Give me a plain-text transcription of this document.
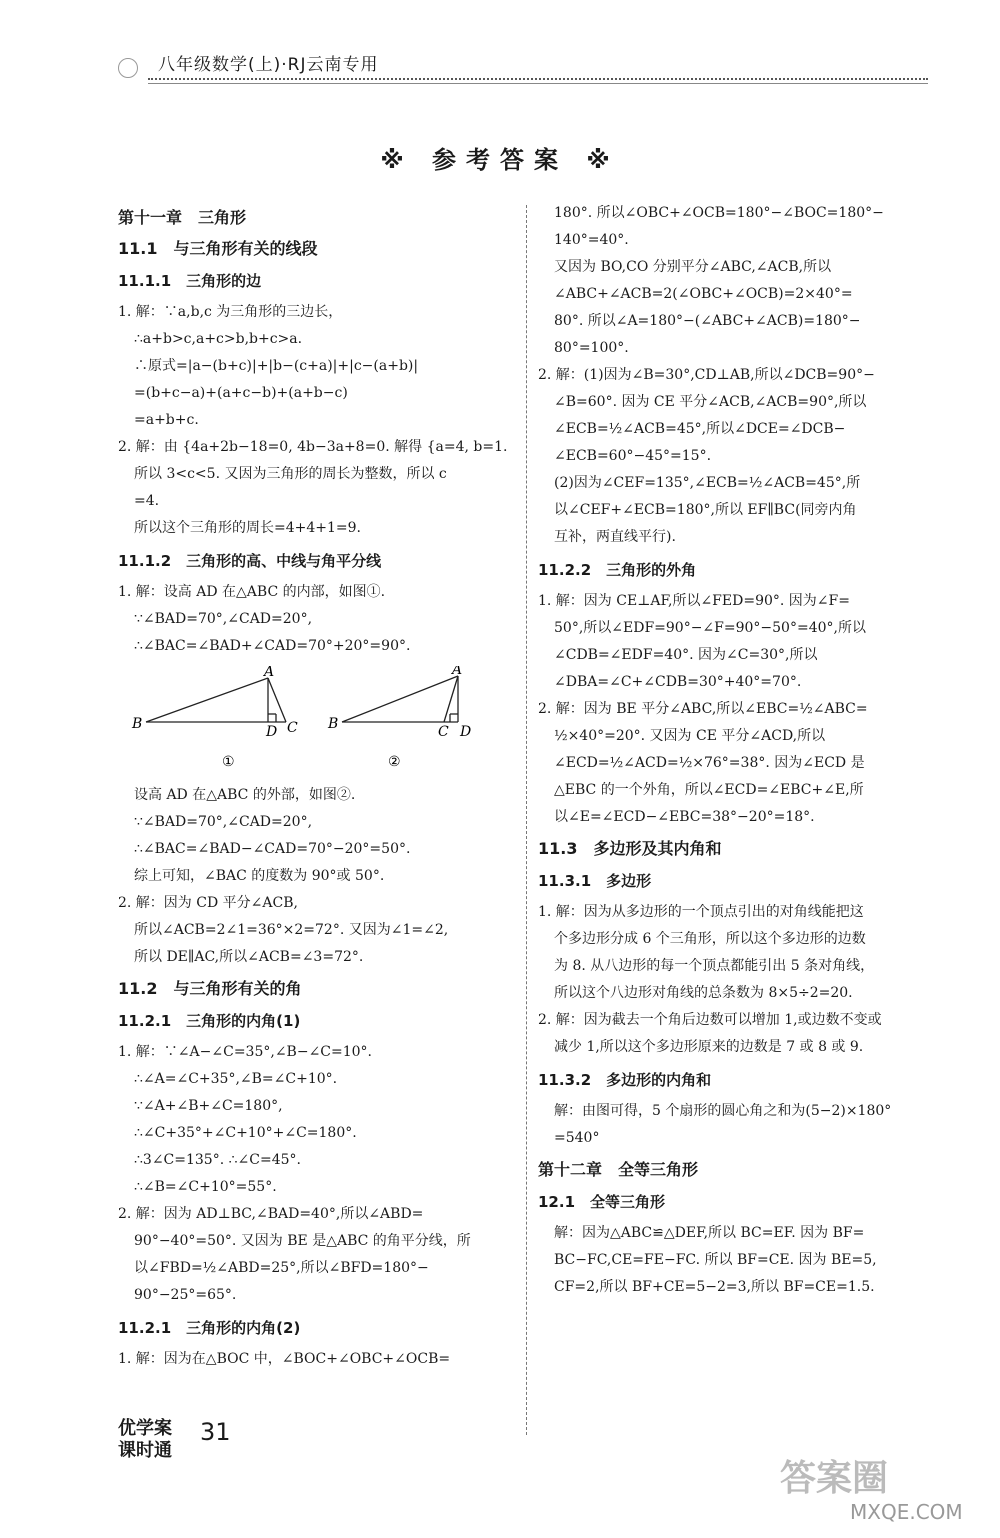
八年级数学(上)·RJ云南专用
※ 参考答案 ※

第十一章　三角形

11.1　与三角形有关的线段

11.1.1　三角形的边

1. 解：∵a,b,c 为三角形的三边长，

∴a+b>c,a+c>b,b+c>a.

∴原式=|a−(b+c)|+|b−(c+a)|+|c−(a+b)|

=(b+c−a)+(a+c−b)+(a+b−c)

=a+b+c.

2. 解：由 {4a+2b−18=0, 4b−3a+8=0. 解得 {a=4, b=1.

所以 3<c<5. 又因为三角形的周长为整数，所以 c

=4.

所以这个三角形的周长=4+4+1=9.

11.1.2　三角形的高、中线与角平分线

1. 解：设高 AD 在△ABC 的内部，如图①.

∵∠BAD=70°,∠CAD=20°,

∴∠BAC=∠BAD+∠CAD=70°+20°=90°.

A
B	D C
①
A
B	C D
②

设高 AD 在△ABC 的外部，如图②.

∵∠BAD=70°,∠CAD=20°,

∴∠BAC=∠BAD−∠CAD=70°−20°=50°.

综上可知，∠BAC 的度数为 90°或 50°.

2. 解：因为 CD 平分∠ACB,

所以∠ACB=2∠1=36°×2=72°. 又因为∠1=∠2,

所以 DE∥AC,所以∠ACB=∠3=72°.

11.2　与三角形有关的角

11.2.1　三角形的内角(1)

1. 解：∵∠A−∠C=35°,∠B−∠C=10°.

∴∠A=∠C+35°,∠B=∠C+10°.

∵∠A+∠B+∠C=180°,

∴∠C+35°+∠C+10°+∠C=180°.

∴3∠C=135°. ∴∠C=45°.

∴∠B=∠C+10°=55°.

2. 解：因为 AD⊥BC,∠BAD=40°,所以∠ABD=

90°−40°=50°. 又因为 BE 是△ABC 的角平分线，所

以∠FBD=½∠ABD=25°,所以∠BFD=180°−

90°−25°=65°.

11.2.1　三角形的内角(2)

1. 解：因为在△BOC 中，∠BOC+∠OBC+∠OCB=

180°. 所以∠OBC+∠OCB=180°−∠BOC=180°−

140°=40°.

又因为 BO,CO 分别平分∠ABC,∠ACB,所以

∠ABC+∠ACB=2(∠OBC+∠OCB)=2×40°=

80°. 所以∠A=180°−(∠ABC+∠ACB)=180°−

80°=100°.

2. 解：(1)因为∠B=30°,CD⊥AB,所以∠DCB=90°−

∠B=60°. 因为 CE 平分∠ACB,∠ACB=90°,所以

∠ECB=½∠ACB=45°,所以∠DCE=∠DCB−

∠ECB=60°−45°=15°.

(2)因为∠CEF=135°,∠ECB=½∠ACB=45°,所

以∠CEF+∠ECB=180°,所以 EF∥BC(同旁内角

互补，两直线平行).

11.2.2　三角形的外角

1. 解：因为 CE⊥AF,所以∠FED=90°. 因为∠F=

50°,所以∠EDF=90°−∠F=90°−50°=40°,所以

∠CDB=∠EDF=40°. 因为∠C=30°,所以

∠DBA=∠C+∠CDB=30°+40°=70°.

2. 解：因为 BE 平分∠ABC,所以∠EBC=½∠ABC=

½×40°=20°. 又因为 CE 平分∠ACD,所以

∠ECD=½∠ACD=½×76°=38°. 因为∠ECD 是

△EBC 的一个外角，所以∠ECD=∠EBC+∠E,所

以∠E=∠ECD−∠EBC=38°−20°=18°.

11.3　多边形及其内角和

11.3.1　多边形

1. 解：因为从多边形的一个顶点引出的对角线能把这

个多边形分成 6 个三角形，所以这个多边形的边数

为 8. 从八边形的每一个顶点都能引出 5 条对角线，

所以这个八边形对角线的总条数为 8×5÷2=20.

2. 解：因为截去一个角后边数可以增加 1,或边数不变或

减少 1,所以这个多边形原来的边数是 7 或 8 或 9.

11.3.2　多边形的内角和

解：由图可得，5 个扇形的圆心角之和为(5−2)×180°

=540°

第十二章　全等三角形

12.1　全等三角形

解：因为△ABC≌△DEF,所以 BC=EF. 因为 BF=

BC−FC,CE=FE−FC. 所以 BF=CE. 因为 BE=5,

CF=2,所以 BF+CE=5−2=3,所以 BF=CE=1.5.

优学案
课时通
31
答案圈
MXQE.COM
